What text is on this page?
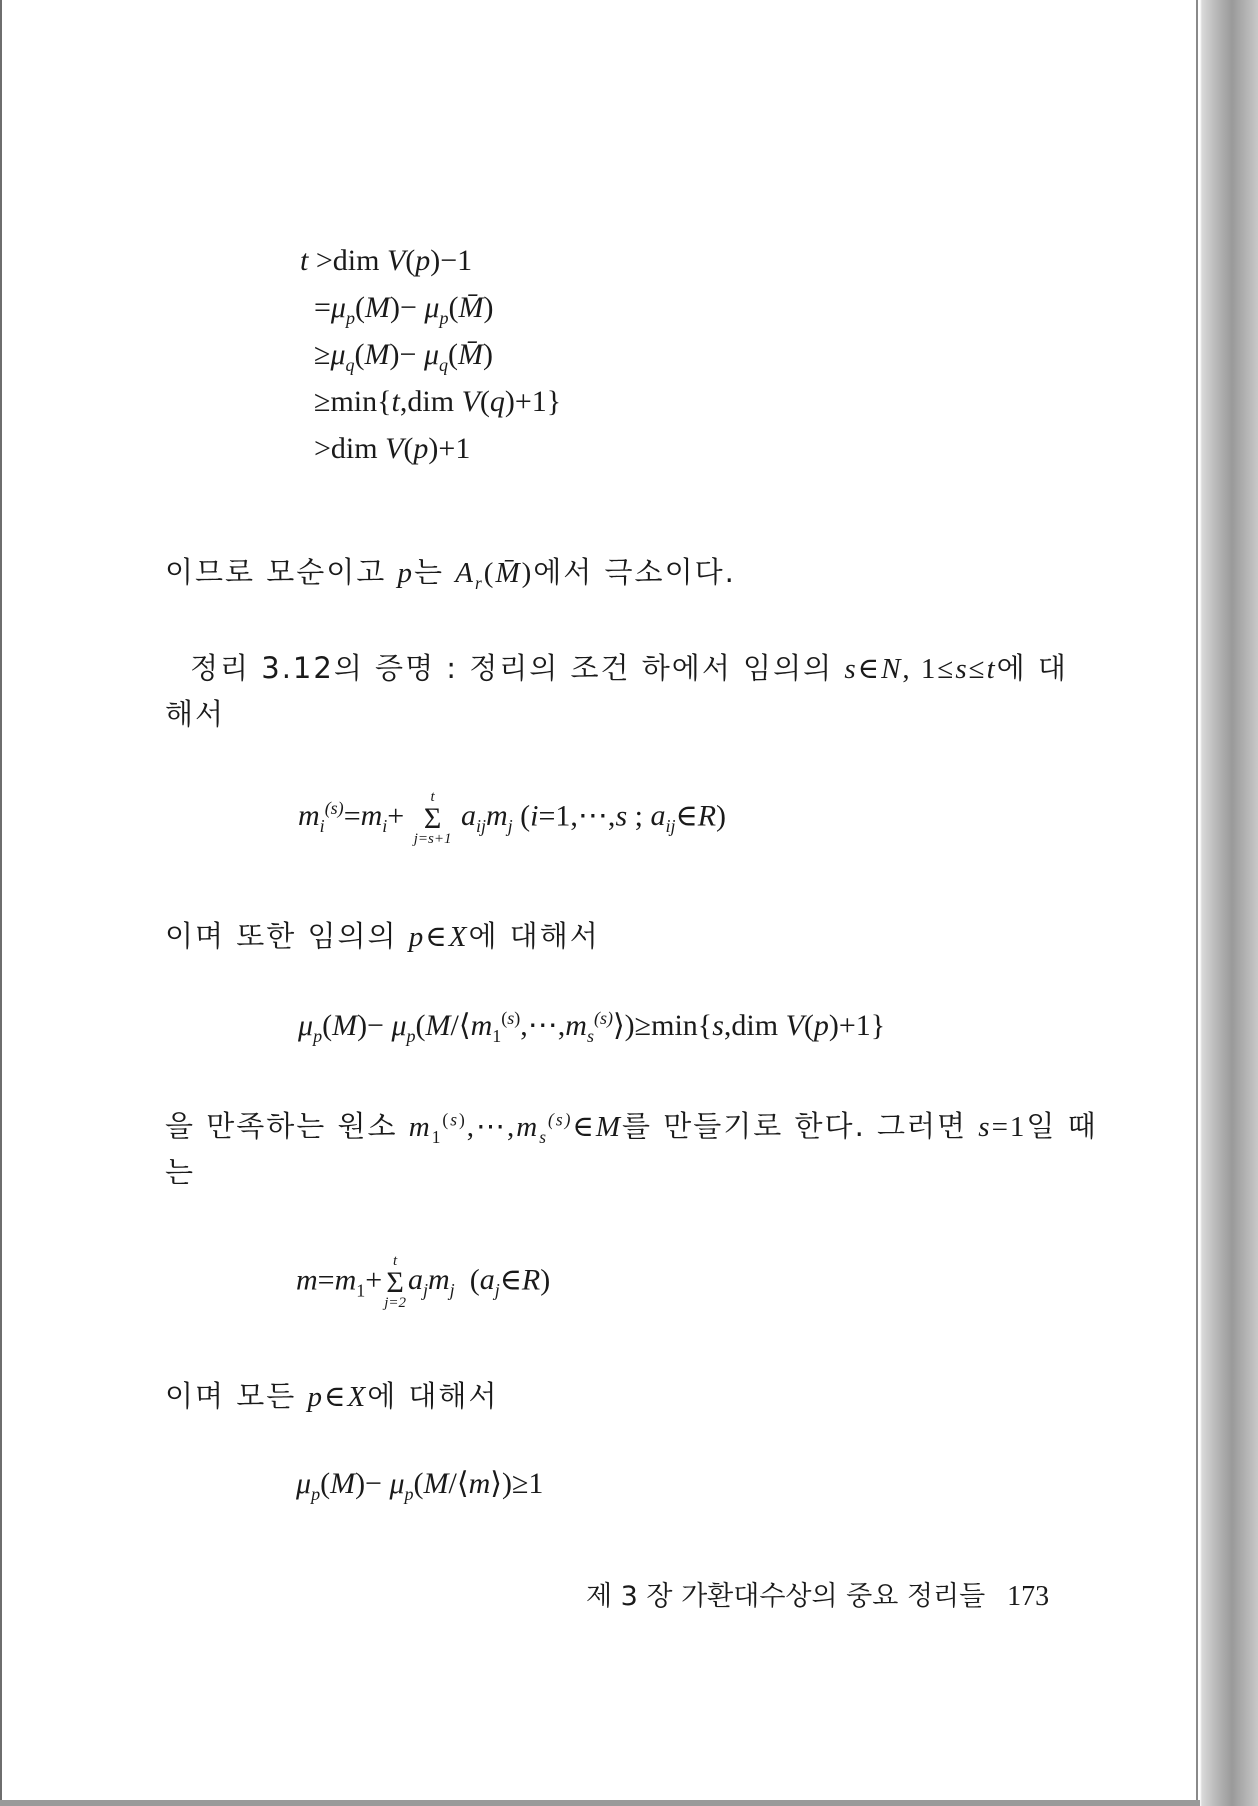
t >dim V(p)−1
$=\mu_p(M)-$ $\mu_p(M̄)$
$\ge\mu_q(M)-$ $\mu_q(M̄)$
≥min{t,dim V(q)+1}
>dim V(p)+1
이므로 모순이고 p는 $A_r(M̄)$에서 극소이다.
정리 3.12의 증명 : 정리의 조건 하에서 임의의 s∈N, 1≤s≤t에 대
해서
$m_i^{(s)}=m_i+$
t
Σ
j=s+1
$a_{ij}m_j$ (i=1,⋯,s ; $a_{ij}\in R$)
이며 또한 임의의 p∈X에 대해서
$\mu_p(M)-$ $\mu_p(M/⟨m_1^{(s)},\cdots,m_s^{(s)}⟩)\ge\min\{s,dim$ V(p)+1}
을 만족하는 원소 $m_1^{(s)},\cdots,m_s^{(s)}\in M$를 만들기로 한다. 그러면 s=1일 때
는
$m=m_1+$
t
Σ
j=2
$a_jm_j$  $(a_j\in R)$
이며 모든 p∈X에 대해서
$\mu_p(M)-$ $\mu_p(M/⟨m⟩)\ge 1$
제 3 장 가환대수상의 중요 정리들 173
